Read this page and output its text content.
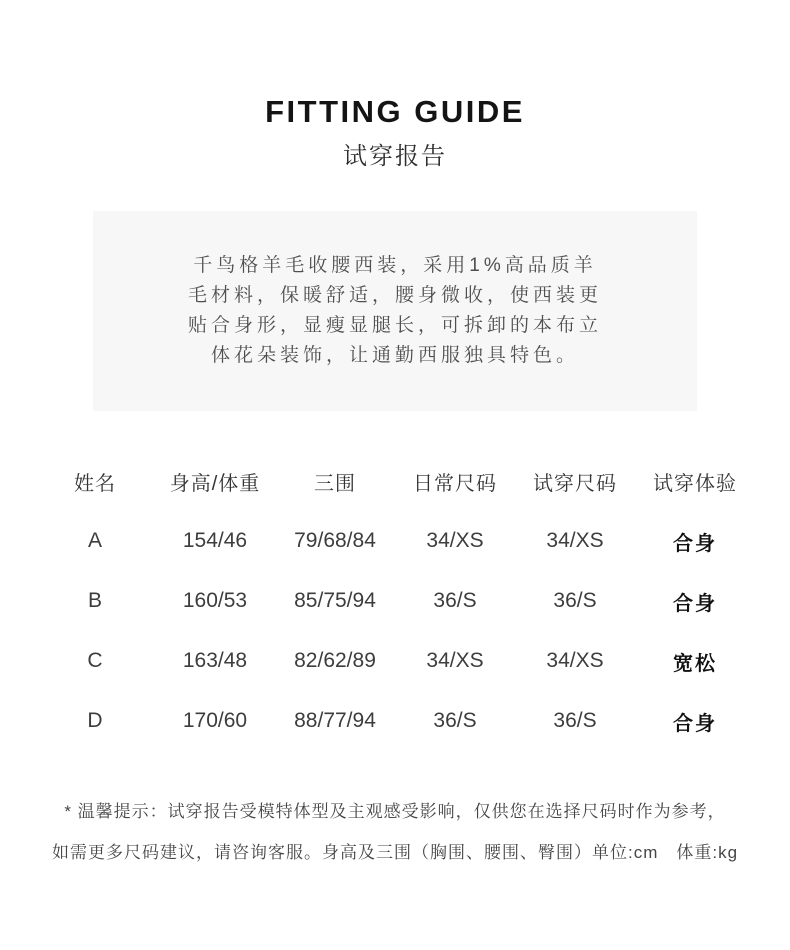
FITTING GUIDE
试穿报告
千鸟格羊毛收腰西装，采用1%高品质羊
毛材料，保暖舒适，腰身微收，使西装更
贴合身形，显瘦显腿长，可拆卸的本布立
体花朵装饰，让通勤西服独具特色。
姓名	身高/体重	三围	日常尺码	试穿尺码	试穿体验
A	154/46	79/68/84	34/XS	34/XS	合身
B	160/53	85/75/94	36/S	36/S	合身
C	163/48	82/62/89	34/XS	34/XS	宽松
D	170/60	88/77/94	36/S	36/S	合身
* 温馨提示：试穿报告受模特体型及主观感受影响，仅供您在选择尺码时作为参考，
如需更多尺码建议，请咨询客服。身高及三围（胸围、腰围、臀围）单位:cm　体重:kg
